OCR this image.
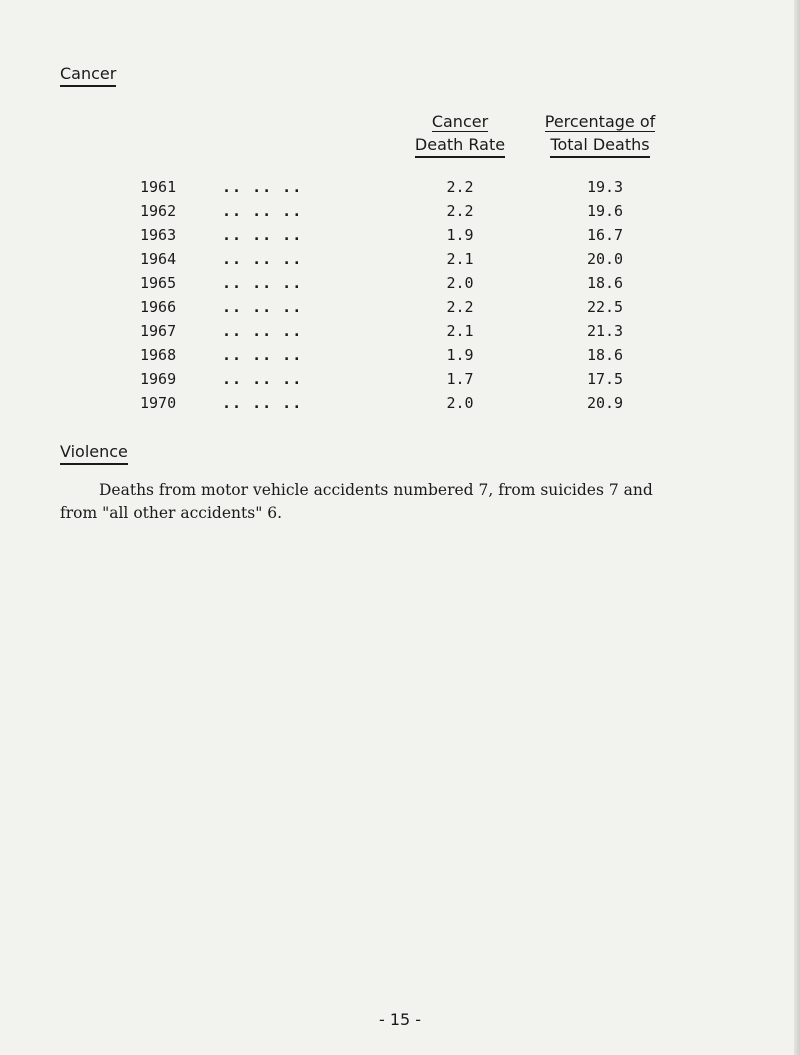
Cancer
Cancer
Death Rate
Percentage of
Total Deaths
1961	.. .. ..	2.2	19.3
1962	.. .. ..	2.2	19.6
1963	.. .. ..	1.9	16.7
1964	.. .. ..	2.1	20.0
1965	.. .. ..	2.0	18.6
1966	.. .. ..	2.2	22.5
1967	.. .. ..	2.1	21.3
1968	.. .. ..	1.9	18.6
1969	.. .. ..	1.7	17.5
1970	.. .. ..	2.0	20.9
Violence
Deaths from motor vehicle accidents numbered 7, from suicides 7 and
from "all other accidents" 6.
- 15 -
